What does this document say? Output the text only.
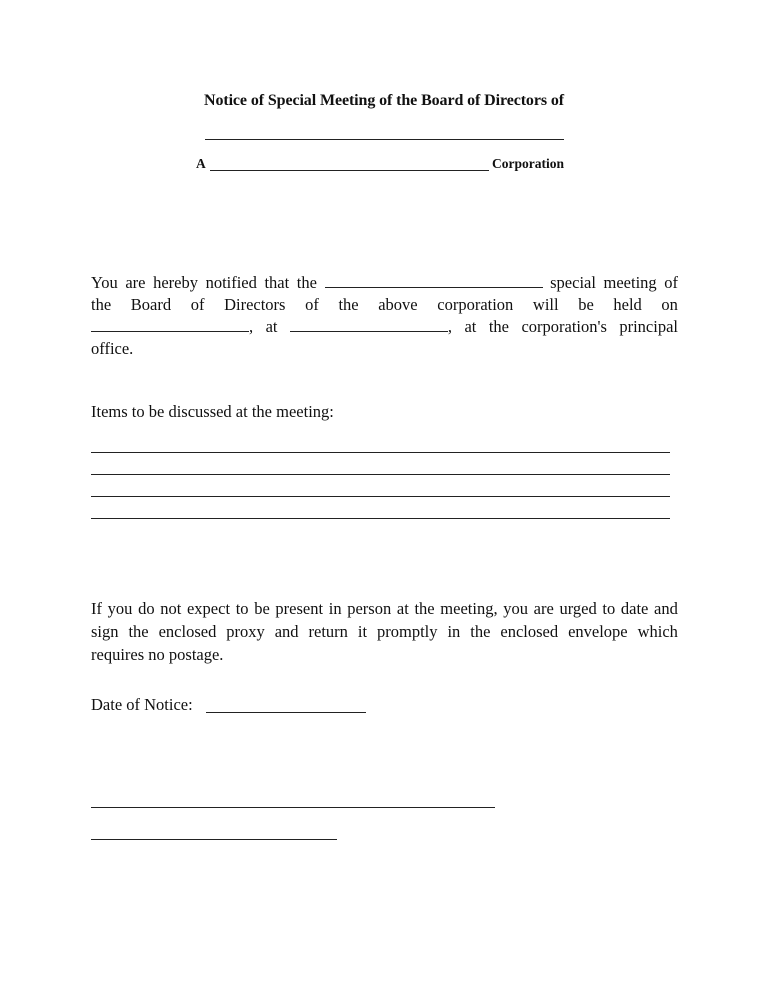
Notice of Special Meeting of the Board of Directors of
A	Corporation
You are hereby notified that the	special meeting of
the Board of Directors of the above corporation will be held on
, at	, at the corporation's principal
office.
Items to be discussed at the meeting:
If you do not expect to be present in person at the meeting, you are urged to date and
sign the enclosed proxy and return it promptly in the enclosed envelope which
requires no postage.
Date of Notice:
